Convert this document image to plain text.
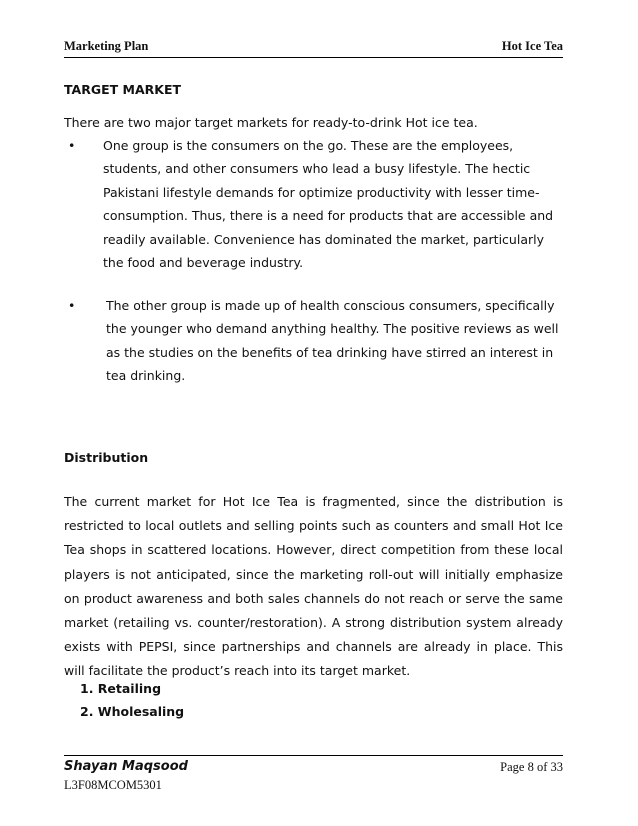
Marketing Plan	Hot Ice Tea
TARGET MARKET
There are two major target markets for ready-to-drink Hot ice tea.
• One group is the consumers on the go. These are the employees, students, and other consumers who lead a busy lifestyle. The hectic Pakistani lifestyle demands for optimize productivity with lesser time-consumption. Thus, there is a need for products that are accessible and readily available. Convenience has dominated the market, particularly the food and beverage industry.
• The other group is made up of health conscious consumers, specifically the younger who demand anything healthy. The positive reviews as well as the studies on the benefits of tea drinking have stirred an interest in tea drinking.
Distribution
The current market for Hot Ice Tea is fragmented, since the distribution is restricted to local outlets and selling points such as counters and small Hot Ice Tea shops in scattered locations. However, direct competition from these local players is not anticipated, since the marketing roll-out will initially emphasize on product awareness and both sales channels do not reach or serve the same market (retailing vs. counter/restoration). A strong distribution system already exists with PEPSI, since partnerships and channels are already in place. This will facilitate the product’s reach into its target market.
1. Retailing
2. Wholesaling
Shayan Maqsood	Page 8 of 33
L3F08MCOM5301
